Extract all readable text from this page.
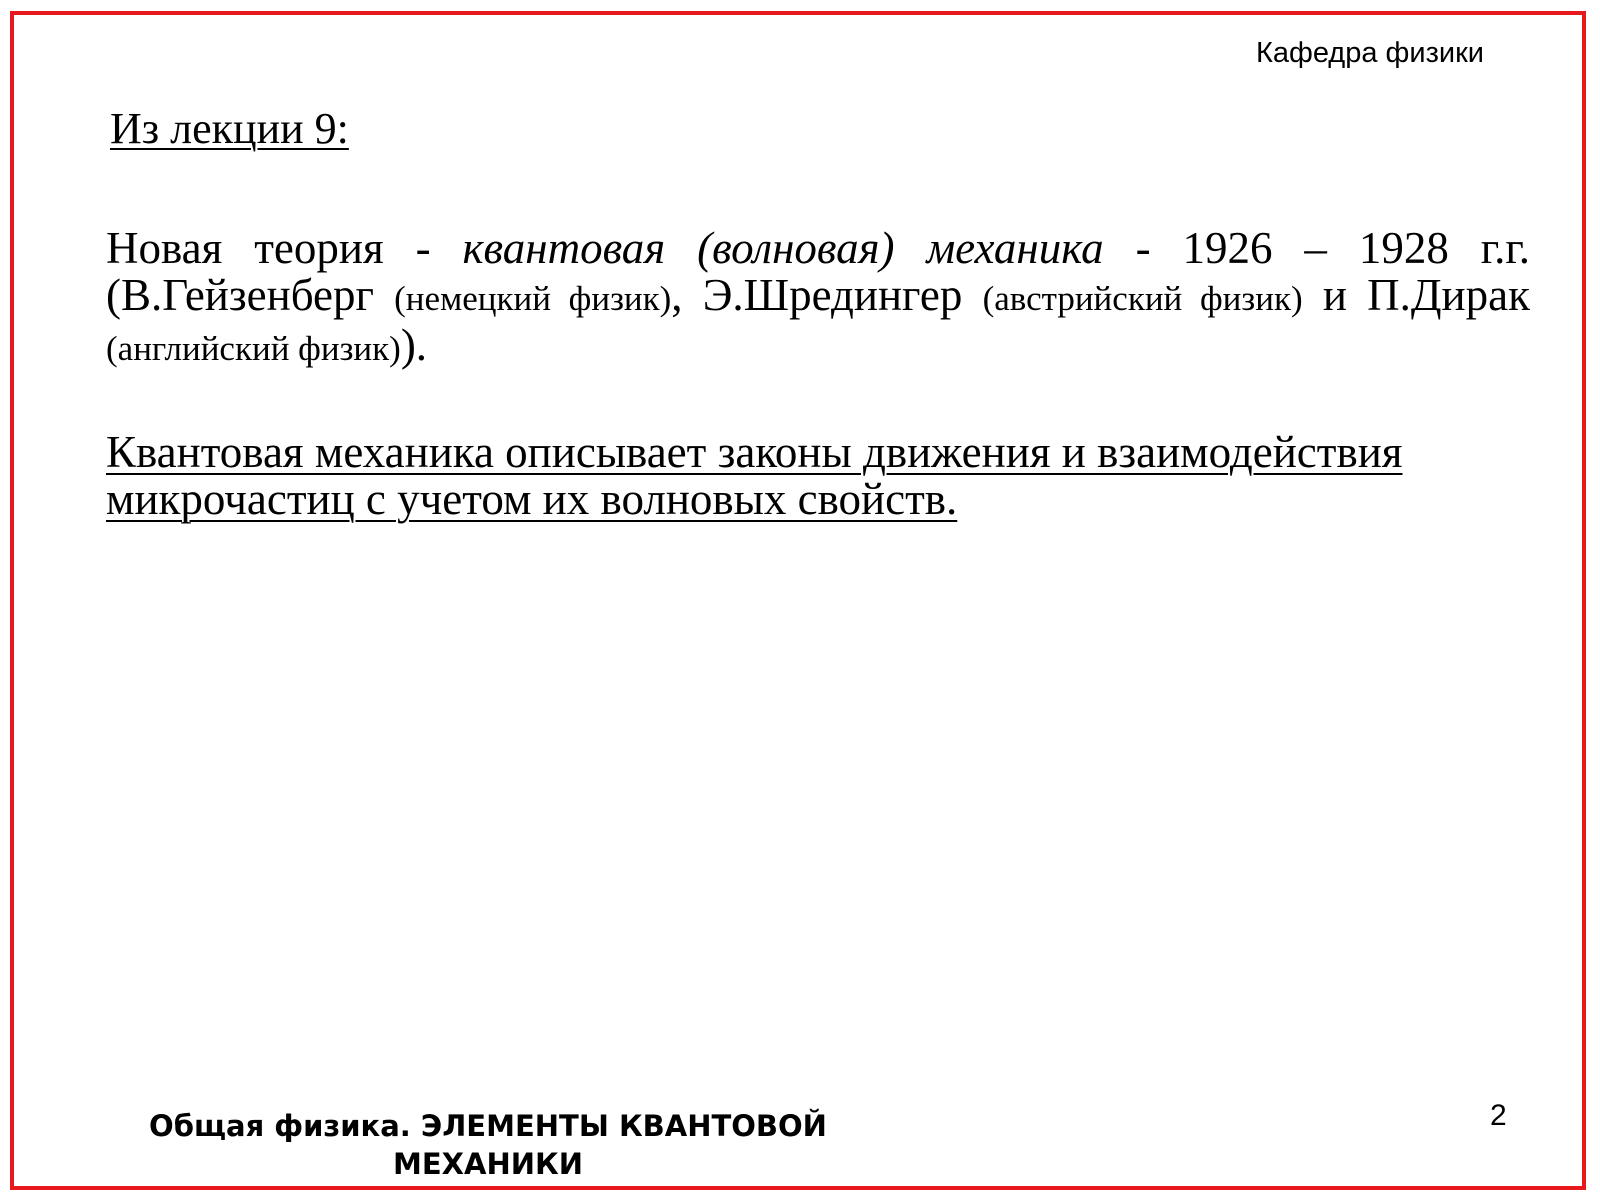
Кафедра физики
Из лекции 9:
Новая теория - квантовая (волновая) механика - 1926 – 1928 г.г. (В.Гейзенберг (немецкий физик), Э.Шредингер (австрийский физик) и П.Дирак (английский физик)).
Квантовая механика описывает законы движения и взаимодействия микрочастиц с учетом их волновых свойств.
Общая физика. ЭЛЕМЕНТЫ КВАНТОВОЙ
МЕХАНИКИ
2
